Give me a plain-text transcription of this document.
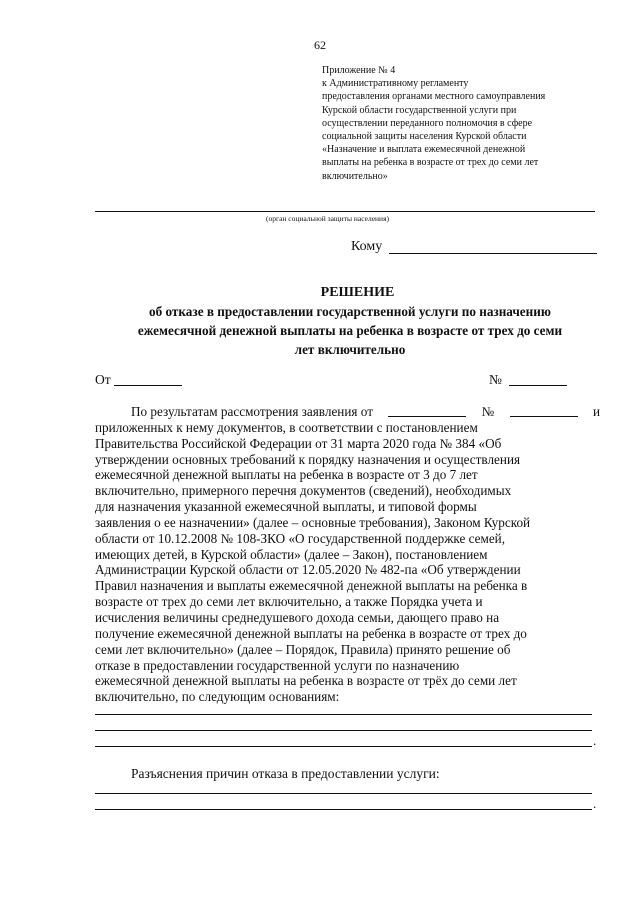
62
Приложение № 4
к Административному регламенту
предоставления органами местного самоуправления
Курской области государственной услуги при
осуществлении переданного полномочия в сфере
социальной защиты населения Курской области
«Назначение и выплата ежемесячной денежной
выплаты на ребенка в возрасте от трех до семи лет
включительно»
(орган социальной защиты населения)
Кому
РЕШЕНИЕ
об отказе в предоставлении государственной услуги по назначению
ежемесячной денежной выплаты на ребенка в возрасте от трех до семи
лет включительно
От	№
По результатам рассмотрения заявления от	№	и
приложенных к нему документов, в соответствии с постановлением
Правительства Российской Федерации от 31 марта 2020 года № 384 «Об
утверждении основных требований к порядку назначения и осуществления
ежемесячной денежной выплаты на ребенка в возрасте от 3 до 7 лет
включительно, примерного перечня документов (сведений), необходимых
для назначения указанной ежемесячной выплаты, и типовой формы
заявления о ее назначении» (далее – основные требования), Законом Курской
области от 10.12.2008 № 108-ЗКО «О государственной поддержке семей,
имеющих детей, в Курской области» (далее – Закон), постановлением
Администрации Курской области от 12.05.2020 № 482-па «Об утверждении
Правил назначения и выплаты ежемесячной денежной выплаты на ребенка в
возрасте от трех до семи лет включительно, а также Порядка учета и
исчисления величины среднедушевого дохода семьи, дающего право на
получение ежемесячной денежной выплаты на ребенка в возрасте от трех до
семи лет включительно» (далее – Порядок, Правила) принято решение об
отказе в предоставлении государственной услуги по назначению
ежемесячной денежной выплаты на ребенка в возрасте от трёх до семи лет
включительно, по следующим основаниям:
.
Разъяснения причин отказа в предоставлении услуги:
.
